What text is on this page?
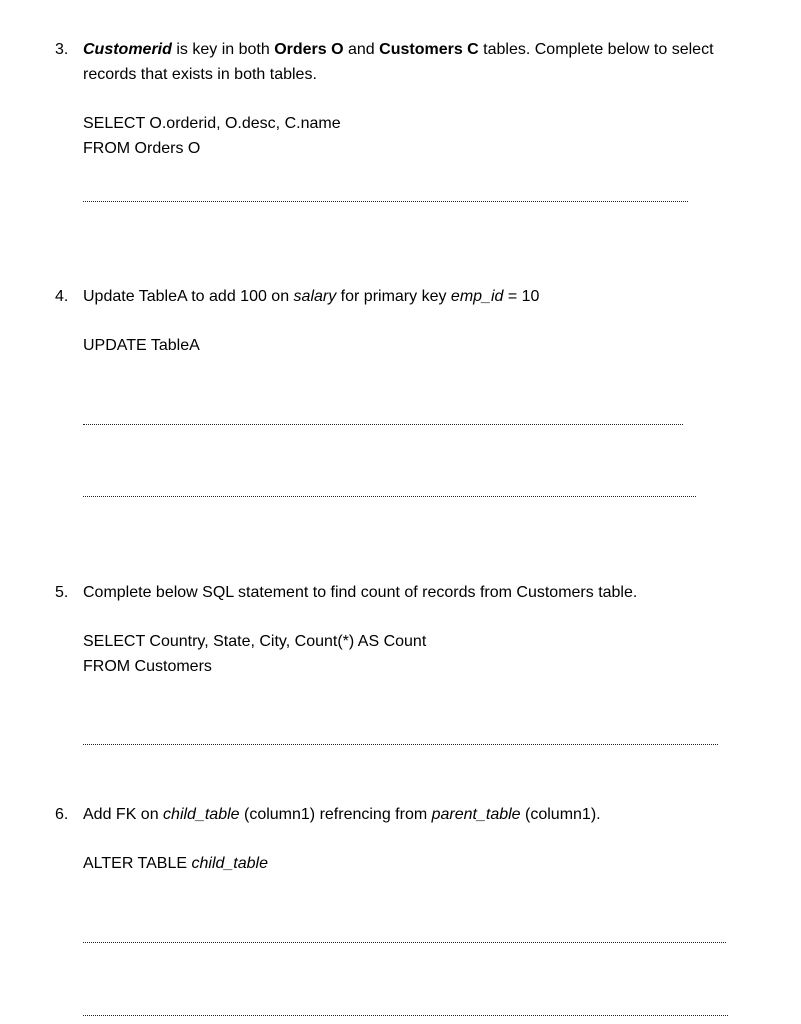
3. Customerid is key in both Orders O and Customers C tables. Complete below to select
records that exists in both tables.
SELECT O.orderid, O.desc, C.name
FROM Orders O
4. Update TableA to add 100 on salary for primary key emp_id = 10
UPDATE TableA
5. Complete below SQL statement to find count of records from Customers table.
SELECT Country, State, City, Count(*) AS Count
FROM Customers
6. Add FK on child_table (column1) refrencing from parent_table (column1).
ALTER TABLE child_table
